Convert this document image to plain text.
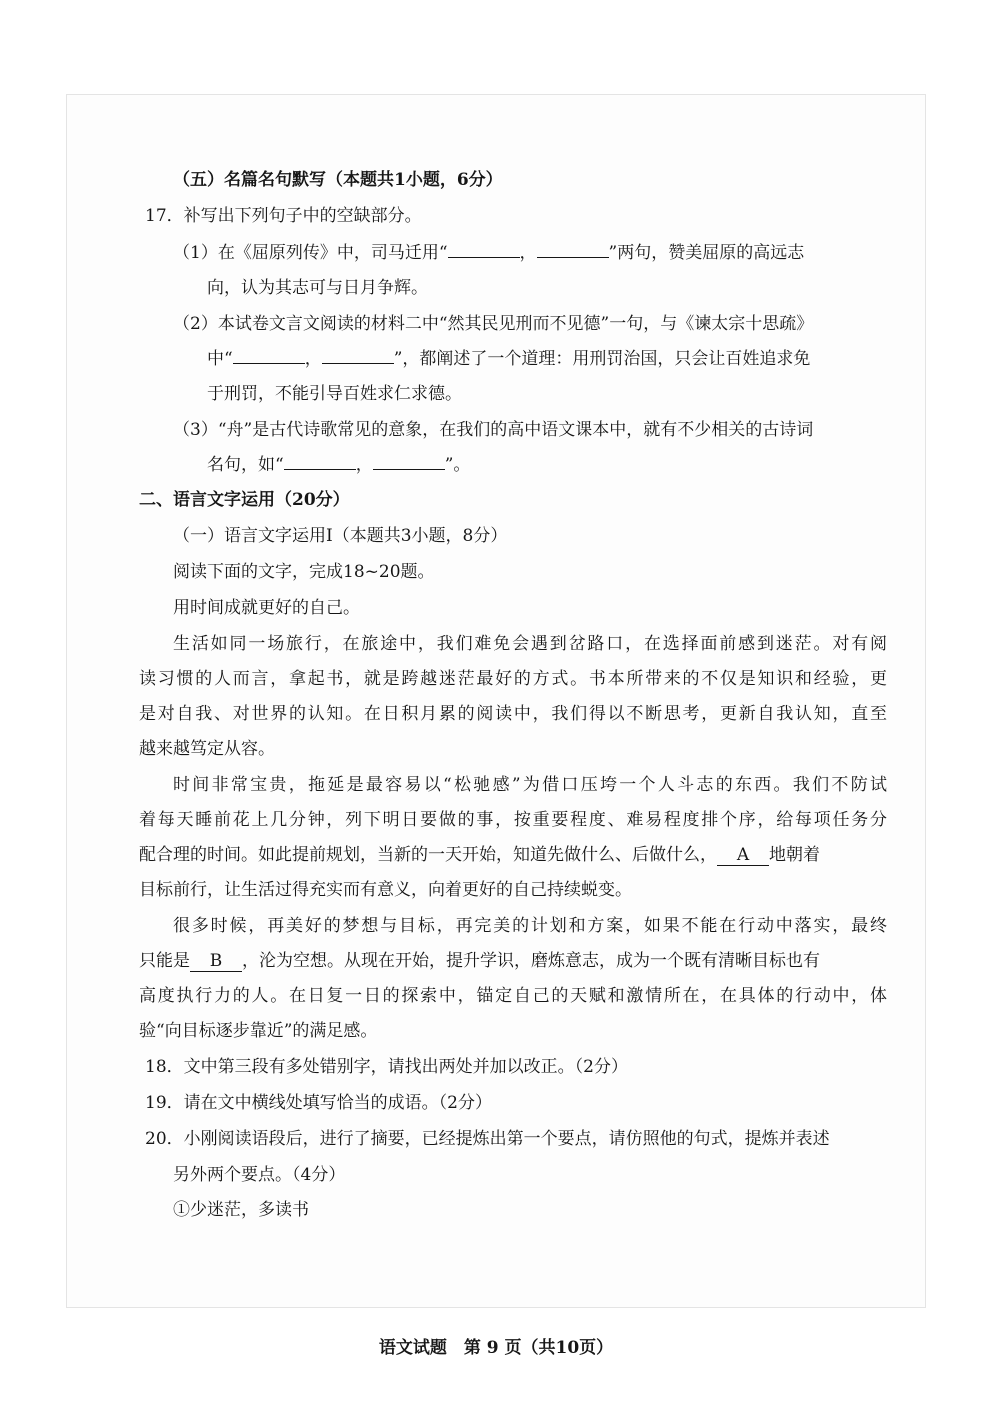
（五）名篇名句默写（本题共1小题，6分）
17．补写出下列句子中的空缺部分。
（1）在《屈原列传》中，司马迁用“	，	”两句，赞美屈原的高远志
向，认为其志可与日月争辉。
（2）本试卷文言文阅读的材料二中“然其民见刑而不见德”一句，与《谏太宗十思疏》
中“	，	”，都阐述了一个道理：用刑罚治国，只会让百姓追求免
于刑罚，不能引导百姓求仁求德。
（3）“舟”是古代诗歌常见的意象，在我们的高中语文课本中，就有不少相关的古诗词
名句，如“	，	”。
二、语言文字运用（20分）
（一）语言文字运用Ⅰ（本题共3小题，8分）
阅读下面的文字，完成18~20题。
用时间成就更好的自己。
生活如同一场旅行，在旅途中，我们难免会遇到岔路口，在选择面前感到迷茫。对有阅
读习惯的人而言，拿起书，就是跨越迷茫最好的方式。书本所带来的不仅是知识和经验，更
是对自我、对世界的认知。在日积月累的阅读中，我们得以不断思考，更新自我认知，直至
越来越笃定从容。
时间非常宝贵，拖延是最容易以“松驰感”为借口压垮一个人斗志的东西。我们不防试
着每天睡前花上几分钟，列下明日要做的事，按重要程度、难易程度排个序，给每项任务分
配合理的时间。如此提前规划，当新的一天开始，知道先做什么、后做什么， A 地朝着
目标前行，让生活过得充实而有意义，向着更好的自己持续蜕变。
很多时候，再美好的梦想与目标，再完美的计划和方案，如果不能在行动中落实，最终
只能是 B ，沦为空想。从现在开始，提升学识，磨炼意志，成为一个既有清晰目标也有
高度执行力的人。在日复一日的探索中，锚定自己的天赋和激情所在，在具体的行动中，体
验“向目标逐步靠近”的满足感。
18．文中第三段有多处错别字，请找出两处并加以改正。（2分）
19．请在文中横线处填写恰当的成语。（2分）
20．小刚阅读语段后，进行了摘要，已经提炼出第一个要点，请仿照他的句式，提炼并表述
另外两个要点。（4分）
①少迷茫，多读书
语文试题　第 9 页（共10页）
